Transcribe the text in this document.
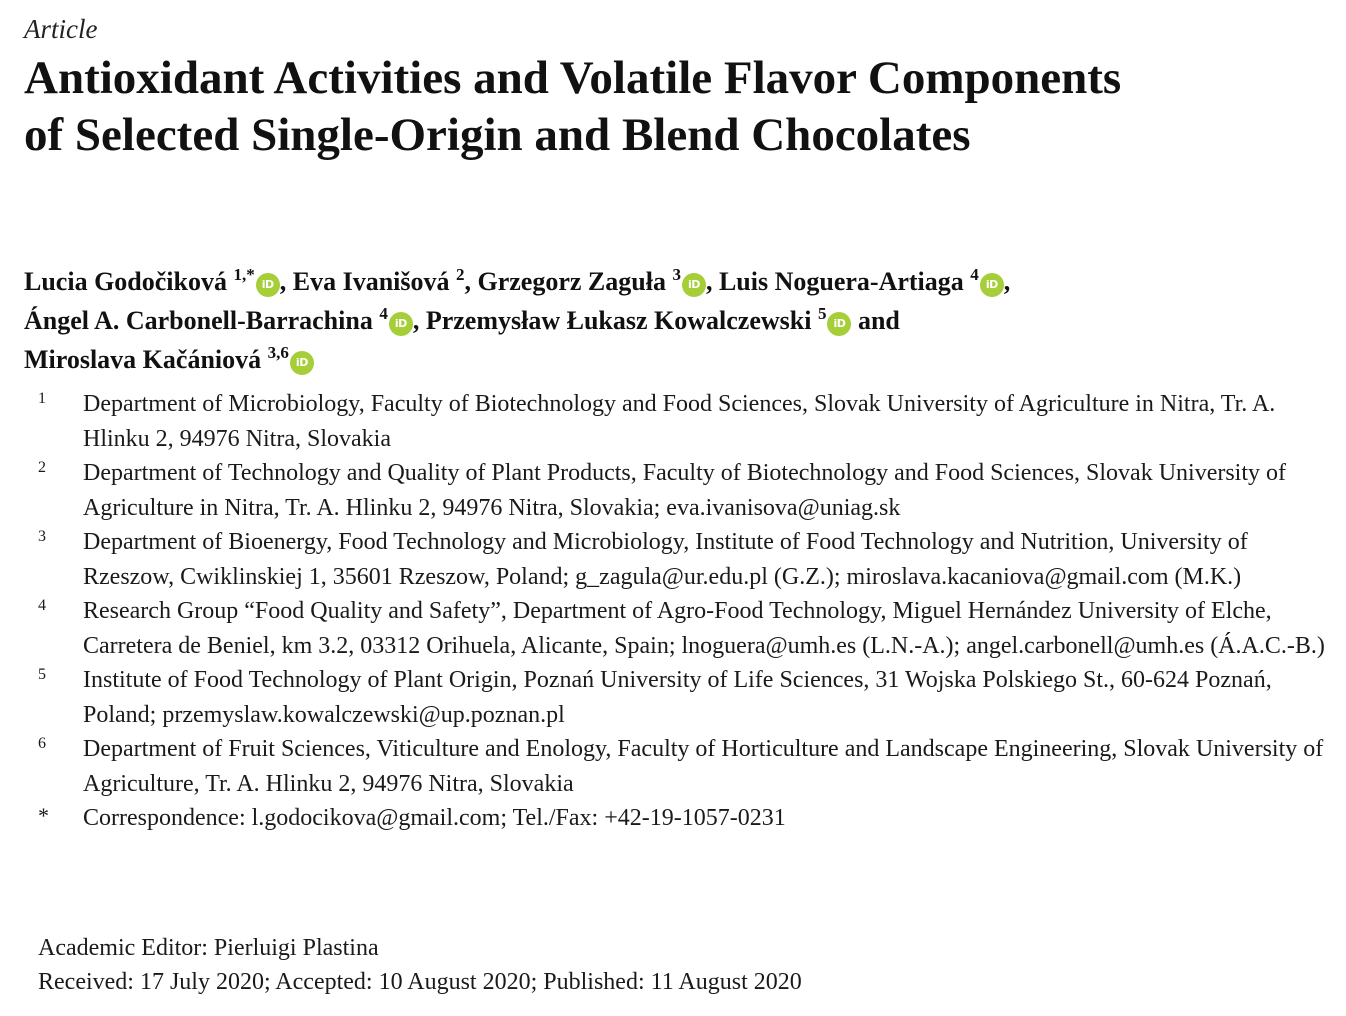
Article
Antioxidant Activities and Volatile Flavor Components of Selected Single-Origin and Blend Chocolates
Lucia Godočiková $^{1,*}$iD , Eva Ivanišová $^2$, Grzegorz Zaguła $^3$iD , Luis Noguera-Artiaga $^4$iD ,
Ángel A. Carbonell-Barrachina $^4$iD , Przemysław Łukasz Kowalczewski $^5$iD and
Miroslava Kačániová $^{3,6}$iD
1	Department of Microbiology, Faculty of Biotechnology and Food Sciences, Slovak University of Agriculture in Nitra, Tr. A. Hlinku 2, 94976 Nitra, Slovakia
2	Department of Technology and Quality of Plant Products, Faculty of Biotechnology and Food Sciences, Slovak University of Agriculture in Nitra, Tr. A. Hlinku 2, 94976 Nitra, Slovakia; eva.ivanisova@uniag.sk
3	Department of Bioenergy, Food Technology and Microbiology, Institute of Food Technology and Nutrition, University of Rzeszow, Cwiklinskiej 1, 35601 Rzeszow, Poland; g_zagula@ur.edu.pl (G.Z.); miroslava.kacaniova@gmail.com (M.K.)
4	Research Group “Food Quality and Safety”, Department of Agro-Food Technology, Miguel Hernández University of Elche, Carretera de Beniel, km 3.2, 03312 Orihuela, Alicante, Spain; lnoguera@umh.es (L.N.-A.); angel.carbonell@umh.es (Á.A.C.-B.)
5	Institute of Food Technology of Plant Origin, Poznań University of Life Sciences, 31 Wojska Polskiego St., 60-624 Poznań, Poland; przemyslaw.kowalczewski@up.poznan.pl
6	Department of Fruit Sciences, Viticulture and Enology, Faculty of Horticulture and Landscape Engineering, Slovak University of Agriculture, Tr. A. Hlinku 2, 94976 Nitra, Slovakia
*	Correspondence: l.godocikova@gmail.com; Tel./Fax: +42-19-1057-0231
Academic Editor: Pierluigi Plastina
Received: 17 July 2020; Accepted: 10 August 2020; Published: 11 August 2020
